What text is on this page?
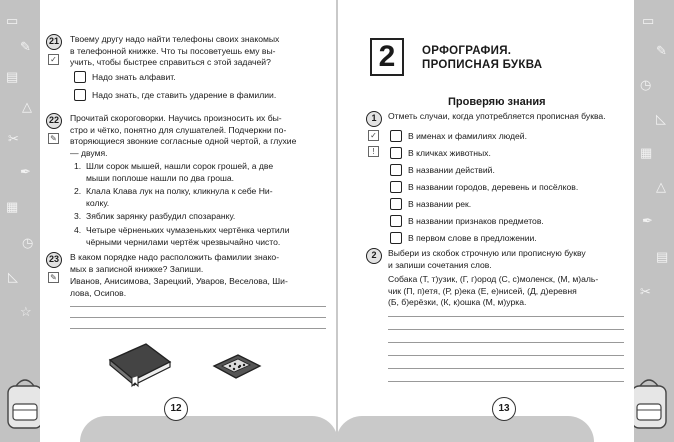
▭
✎
▤
△
✂
✒
▦
◷
◺
☆
▭
✎
◷
◺
▦
△
✒
▤
✂
21
✓
Твоему другу надо найти телефоны своих знакомых
в телефонной книжке. Что ты посоветуешь ему вы-
учить, чтобы быстрее справиться с этой задачей?
Надо знать алфавит.
Надо знать, где ставить ударение в фамилии.
22
✎
Прочитай скороговорки. Научись произносить их бы-
стро и чётко, понятно для слушателей. Подчеркни по-
вторяющиеся звонкие согласные одной чертой, а глухие
— двумя.
1. Шли сорок мышей, нашли сорок грошей, а две
мыши поплоше нашли по два гроша.
2. Клала Клава лук на полку, кликнула к себе Ни-
колку.
3. Зяблик зарянку разбудил спозаранку.
4. Четыре чёрненьких чумазеньких чертёнка чертили
чёрными чернилами чертёж чрезвычайно чисто.
23
✎
В каком порядке надо расположить фамилии знако-
мых в записной книжке? Запиши.
Иванов, Анисимова, Зарецкий, Уваров, Веселова, Ши-
лова, Осипов.
12
2	ОРФОГРАФИЯ.
ПРОПИСНАЯ БУКВА
Проверяю знания
1	Отметь случаи, когда употребляется прописная буква.
✓
!
В именах и фамилиях людей.
В кличках животных.
В названии действий.
В названии городов, деревень и посёлков.
В названии рек.
В названии признаков предметов.
В первом слове в предложении.
2	Выбери из скобок строчную или прописную букву
и запиши сочетания слов.
Собака (Т, т)узик, (Г, г)ород (С, с)моленск, (М, м)аль-
чик (П, п)етя, (Р, р)ека (Е, е)нисей, (Д, д)еревня
(Б, б)ерёзки, (К, к)ошка (М, м)урка.
13
